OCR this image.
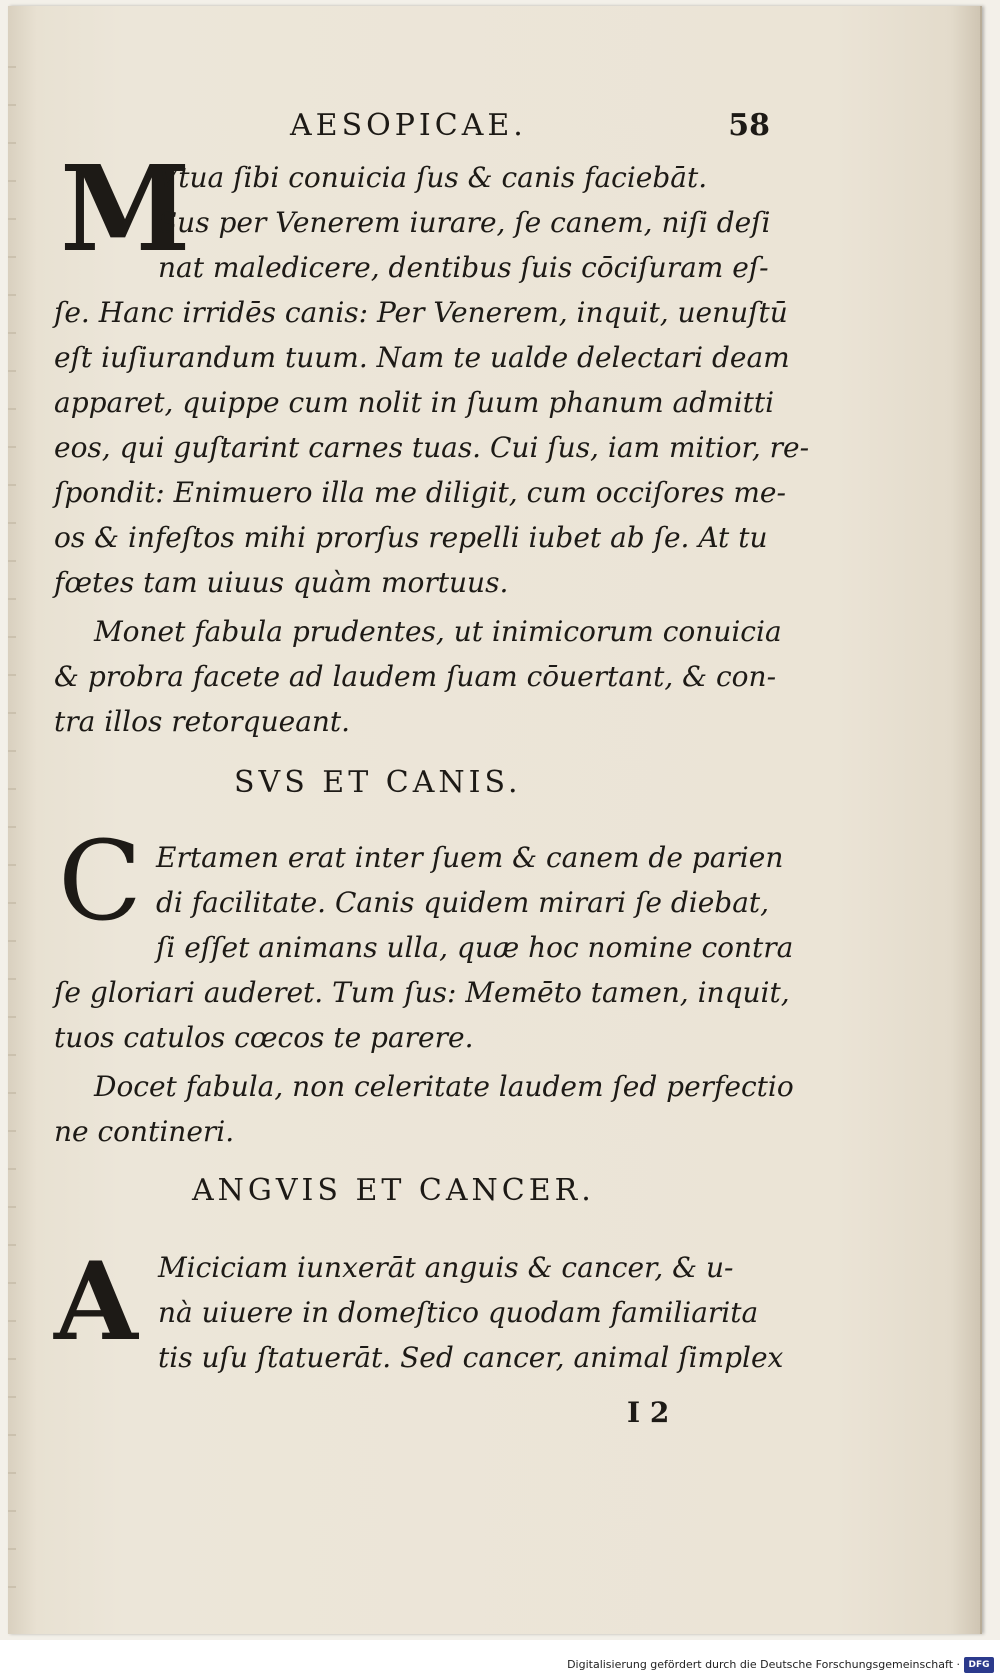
AESOPICAE.	58
M
Vtua ſibi conuicia ſus & canis faciebāt.
Sus per Venerem iurare, ſe canem, niſi deſi
nat maledicere, dentibus ſuis cōciſuram eſ-
ſe. Hanc irridēs canis: Per Venerem, inquit, uenuſtū
eſt iuſiurandum tuum. Nam te ualde delectari deam
apparet, quippe cum nolit in ſuum phanum admitti
eos, qui guſtarint carnes tuas. Cui ſus, iam mitior, re-
ſpondit: Enimuero illa me diligit, cum occiſores me-
os & infeſtos mihi prorſus repelli iubet ab ſe. At tu
fœtes tam uiuus quàm mortuus.
Monet fabula prudentes, ut inimicorum conuicia
& probra facete ad laudem ſuam cōuertant, & con-
tra illos retorqueant.
SVS ET CANIS.
C Ertamen erat inter ſuem & canem de parien
di facilitate. Canis quidem mirari ſe diebat,
ſi eſſet animans ulla, quæ hoc nomine contra
ſe gloriari auderet. Tum ſus: Memēto tamen, inquit,
tuos catulos cœcos te parere.
Docet fabula, non celeritate laudem ſed perfectio
ne contineri.
ANGVIS ET CANCER.
A Miciciam iunxerāt anguis & cancer, & u-
nà uiuere in domeſtico quodam familiarita
tis uſu ſtatuerāt. Sed cancer, animal ſimplex
I 2
Digitalisierung gefördert durch die Deutsche Forschungsgemeinschaft · DFG
